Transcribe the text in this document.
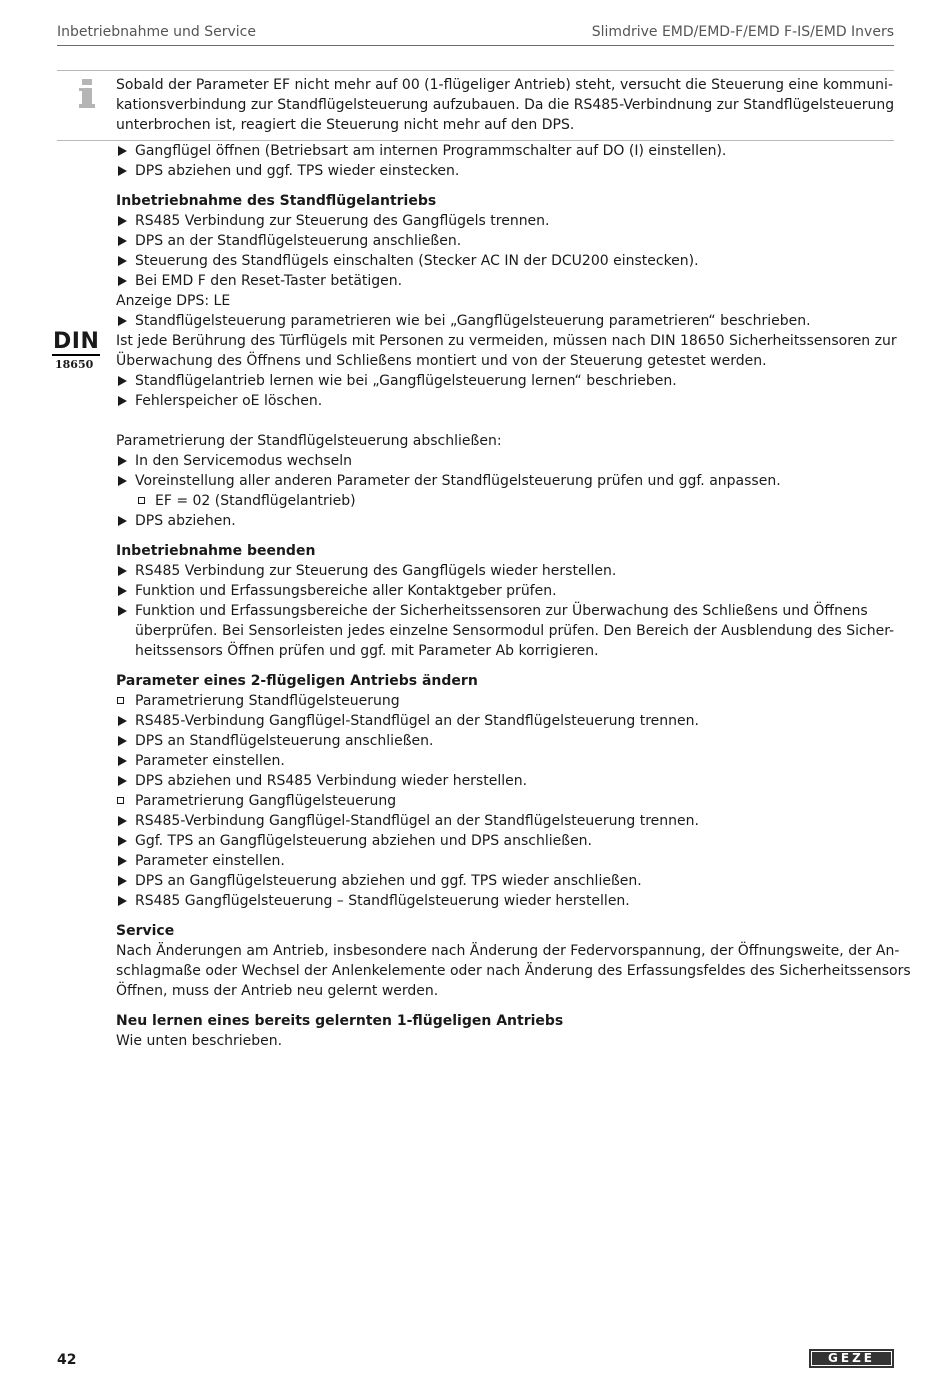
Inbetriebnahme und Service	Slimdrive EMD/EMD-F/EMD F-IS/EMD Invers
Sobald der Parameter EF nicht mehr auf 00 (1-flügeliger Antrieb) steht, versucht die Steuerung eine kommuni-
kationsverbindung zur Standflügelsteuerung aufzubauen. Da die RS485-Verbindnung zur Standflügelsteuerung
unterbrochen ist, reagiert die Steuerung nicht mehr auf den DPS.
DIN
18650
Gangflügel öffnen (Betriebsart am internen Programmschalter auf DO (I) einstellen).
DPS abziehen und ggf. TPS wieder einstecken.
Inbetriebnahme des Standflügelantriebs
RS485 Verbindung zur Steuerung des Gangflügels trennen.
DPS an der Standflügelsteuerung anschließen.
Steuerung des Standflügels einschalten (Stecker AC IN der DCU200 einstecken).
Bei EMD F den Reset-Taster betätigen.
Anzeige DPS: LE
Standflügelsteuerung parametrieren wie bei „Gangflügelsteuerung parametrieren“ beschrieben.
Ist jede Berührung des Türflügels mit Personen zu vermeiden, müssen nach DIN 18650 Sicherheitssensoren zur
Überwachung des Öffnens und Schließens montiert und von der Steuerung getestet werden.
Standflügelantrieb lernen wie bei „Gangflügelsteuerung lernen“ beschrieben.
Fehlerspeicher oE löschen.
Parametrierung der Standflügelsteuerung abschließen:
In den Servicemodus wechseln
Voreinstellung aller anderen Parameter der Standflügelsteuerung prüfen und ggf. anpassen.
EF = 02 (Standflügelantrieb)
DPS abziehen.
Inbetriebnahme beenden
RS485 Verbindung zur Steuerung des Gangflügels wieder herstellen.
Funktion und Erfassungsbereiche aller Kontaktgeber prüfen.
Funktion und Erfassungsbereiche der Sicherheitssensoren zur Überwachung des Schließens und Öffnens
überprüfen. Bei Sensorleisten jedes einzelne Sensormodul prüfen. Den Bereich der Ausblendung des Sicher-
heitssensors Öffnen prüfen und ggf. mit Parameter Ab korrigieren.
Parameter eines 2-flügeligen Antriebs ändern
Parametrierung Standflügelsteuerung
RS485-Verbindung Gangflügel-Standflügel an der Standflügelsteuerung trennen.
DPS an Standflügelsteuerung anschließen.
Parameter einstellen.
DPS abziehen und RS485 Verbindung wieder herstellen.
Parametrierung Gangflügelsteuerung
RS485-Verbindung Gangflügel-Standflügel an der Standflügelsteuerung trennen.
Ggf. TPS an Gangflügelsteuerung abziehen und DPS anschließen.
Parameter einstellen.
DPS an Gangflügelsteuerung abziehen und ggf. TPS wieder anschließen.
RS485 Gangflügelsteuerung – Standflügelsteuerung wieder herstellen.
Service
Nach Änderungen am Antrieb, insbesondere nach Änderung der Federvorspannung, der Öffnungsweite, der An-
schlagmaße oder Wechsel der Anlenkelemente oder nach Änderung des Erfassungsfeldes des Sicherheitssensors
Öffnen, muss der Antrieb neu gelernt werden.
Neu lernen eines bereits gelernten 1-flügeligen Antriebs
Wie unten beschrieben.
42	GEZE
